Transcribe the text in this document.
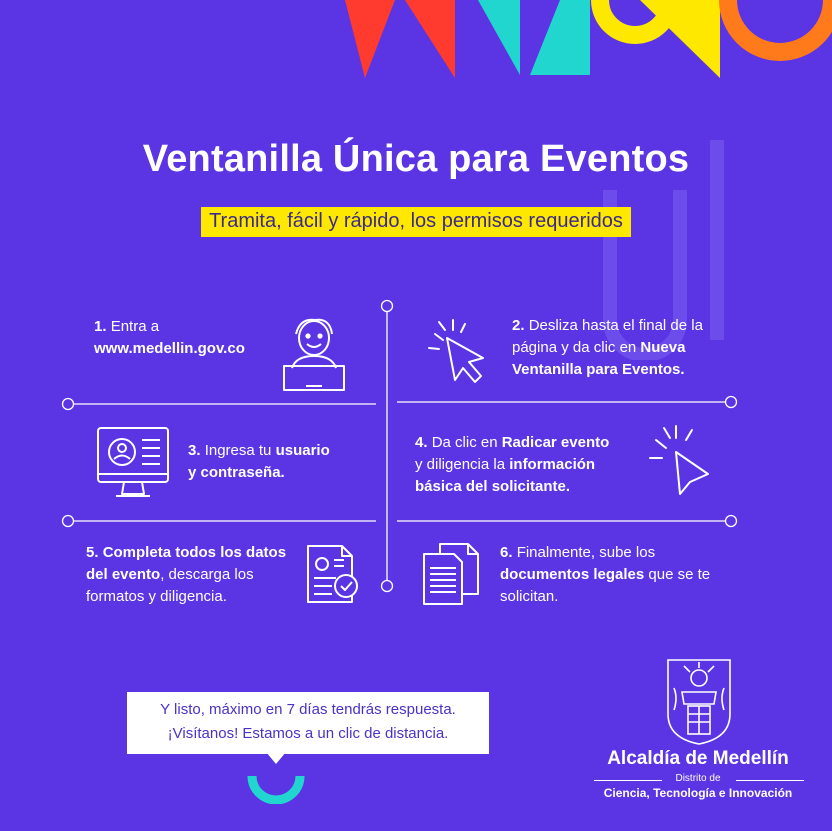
Ventanilla Única para Eventos
Tramita, fácil y rápido, los permisos requeridos
1. Entra a
www.medellin.gov.co
2. Desliza hasta el final de la página y da clic en Nueva Ventanilla para Eventos.
3. Ingresa tu usuario
y contraseña.
4. Da clic en Radicar evento
y diligencia la información básica del solicitante.
5. Completa todos los datos del evento, descarga los formatos y diligencia.
6. Finalmente, sube los
documentos legales que se te solicitan.
Y listo, máximo en 7 días tendrás respuesta.
¡Visítanos! Estamos a un clic de distancia.
Alcaldía de Medellín
Distrito de
Ciencia, Tecnología e Innovación
